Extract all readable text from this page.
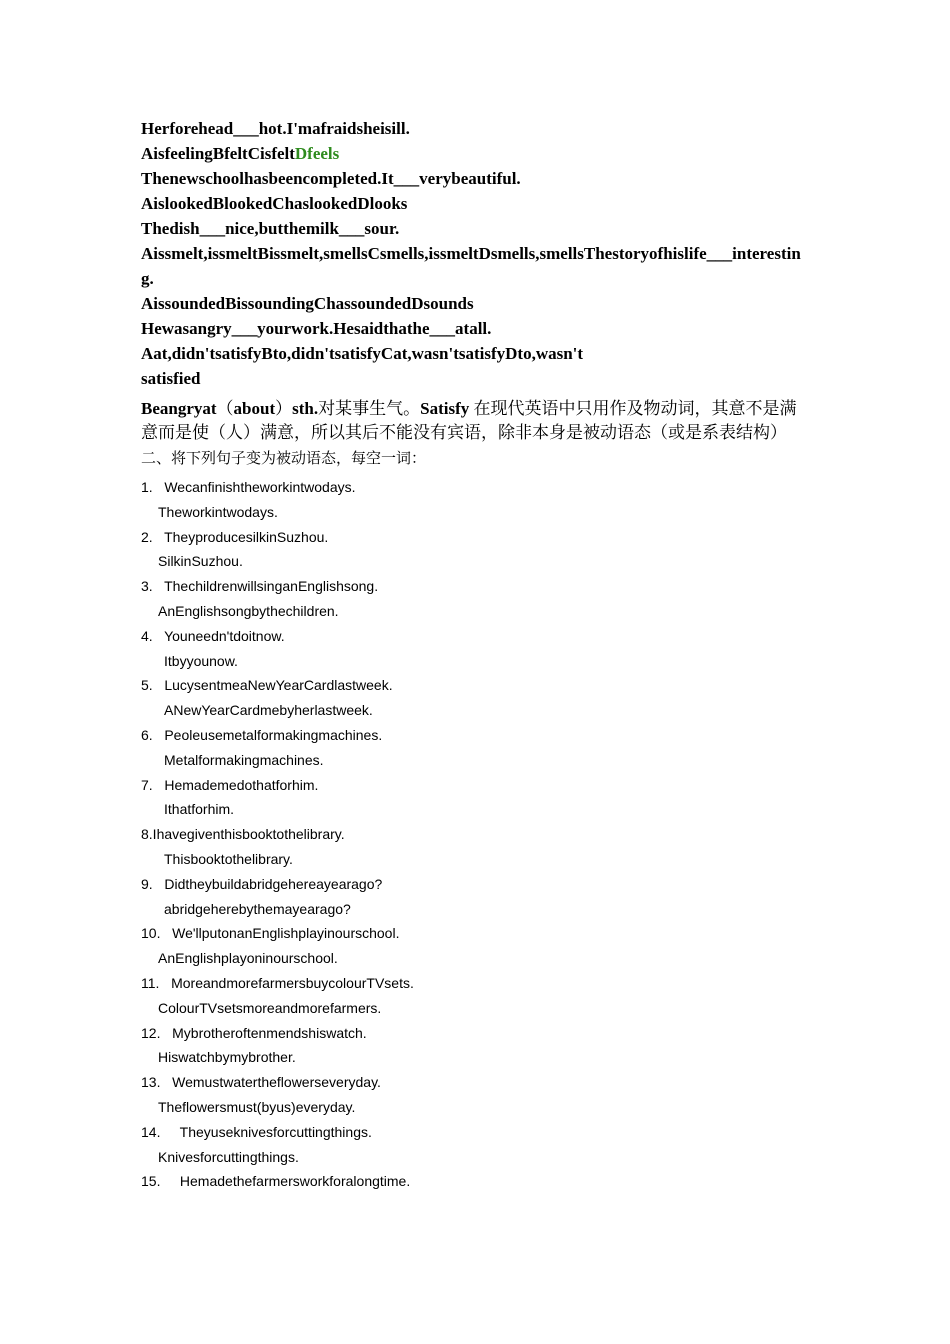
Herforehead___hot.I'mafraidsheisill.
AisfeelingBfeltCisfeltDfeels
Thenewschoolhasbeencompleted.It___verybeautiful.
AislookedBlookedChaslookedDlooks
Thedish___nice,butthemilk___sour.
Aissmelt,issmeltBissmelt,smellsCsmells,issmeltDsmells,smellsThestoryofhislife___interesting.
AissoundedBissoundingChassoundedDsounds
Hewasangry___yourwork.Hesaidthathe___atall.
Aat,didn'tsatisfyBto,didn'tsatisfyCat,wasn'tsatisfyDto,wasn't
satisfied
Beangryat（about）sth.对某事生气。Satisfy 在现代英语中只用作及物动词，其意不是满意而是使（人）满意，所以其后不能没有宾语，除非本身是被动语态（或是系表结构）
二、将下列句子变为被动语态，每空一词：
1.   Wecanfinishtheworkintwodays.
Theworkintwodays.
2.   TheyproducesilkinSuzhou.
SilkinSuzhou.
3.   ThechildrenwillsinganEnglishsong.
AnEnglishsongbythechildren.
4.   Youneedn'tdoitnow.
Itbyyounow.
5.   LucysentmeaNewYearCardlastweek.
ANewYearCardmebyherlastweek.
6.   Peoleusemetalformakingmachines.
Metalformakingmachines.
7.   Hemademedothatforhim.
Ithatforhim.
8.Ihavegiventhisbooktothelibrary.
Thisbooktothelibrary.
9.   Didtheybuildabridgehereayearago?
abridgeherebythemayearago?
10.   We'llputonanEnglishplayinourschool.
AnEnglishplayoninourschool.
11.   MoreandmorefarmersbuycolourTVsets.
ColourTVsetsmoreandmorefarmers.
12.   Mybrotheroftenmendshiswatch.
Hiswatchbymybrother.
13.   Wemustwatertheflowerseveryday.
Theflowersmust(byus)everyday.
14.     Theyuseknivesforcuttingthings.
Knivesforcuttingthings.
15.     Hemadethefarmersworkforalongtime.
